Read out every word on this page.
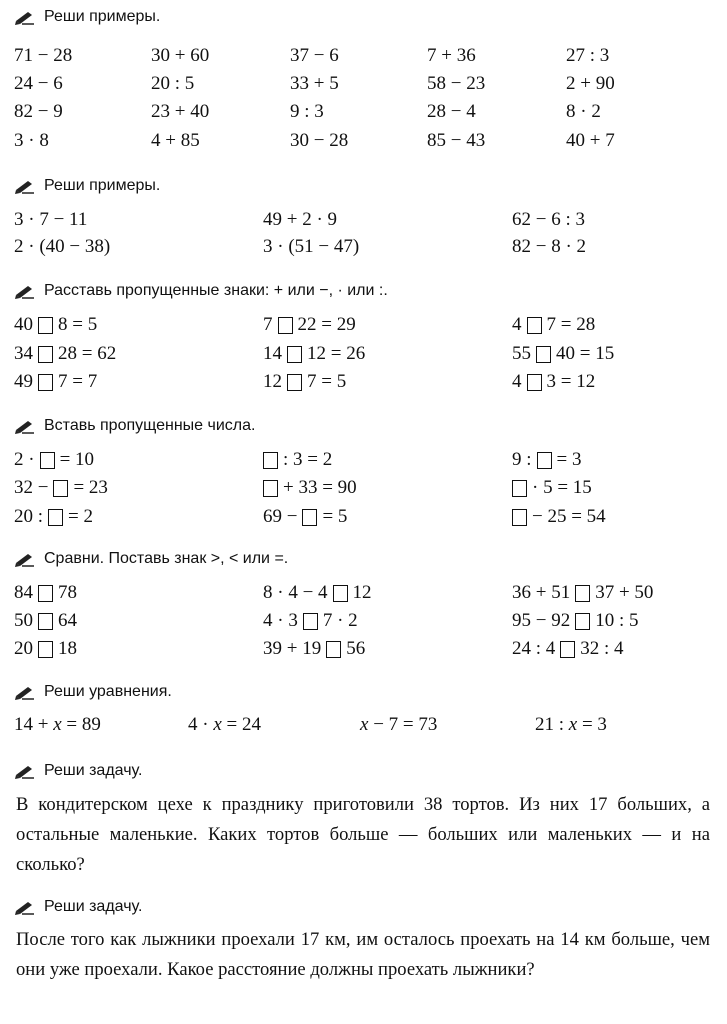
Реши примеры.
71 − 28	30 + 60	37 − 6	7 + 36	27 : 3
24 − 6	20 : 5	33 + 5	58 − 23	2 + 90
82 − 9	23 + 40	9 : 3	28 − 4	8 · 2
3 · 8	4 + 85	30 − 28	85 − 43	40 + 7
Реши примеры.
3 · 7 − 11	49 + 2 · 9	62 − 6 : 3
2 · (40 − 38)	3 · (51 − 47)	82 − 8 · 2
Расставь пропущенные знаки: + или −, · или :.
40 8 = 5	7 22 = 29	4 7 = 28
34 28 = 62	14 12 = 26	55 40 = 15
49 7 = 7	12 7 = 5	4 3 = 12
Вставь пропущенные числа.
2 · = 10	: 3 = 2	9 : = 3
32 − = 23	+ 33 = 90	· 5 = 15
20 : = 2	69 − = 5	− 25 = 54
Сравни. Поставь знак >, < или =.
84 78	8 · 4 − 4 12	36 + 51 37 + 50
50 64	4 · 3 7 · 2	95 − 92 10 : 5
20 18	39 + 19 56	24 : 4 32 : 4
Реши уравнения.
14 + x = 89	4 · x = 24	x − 7 = 73	21 : x = 3
Реши задачу.
В кондитерском цехе к празднику приготовили 38 тортов. Из них 17 больших, а остальные маленькие. Каких тортов больше — больших или маленьких — и на сколько?
Реши задачу.
После того как лыжники проехали 17 км, им осталось проехать на 14 км больше, чем они уже проехали. Какое расстояние должны проехать лыжники?
